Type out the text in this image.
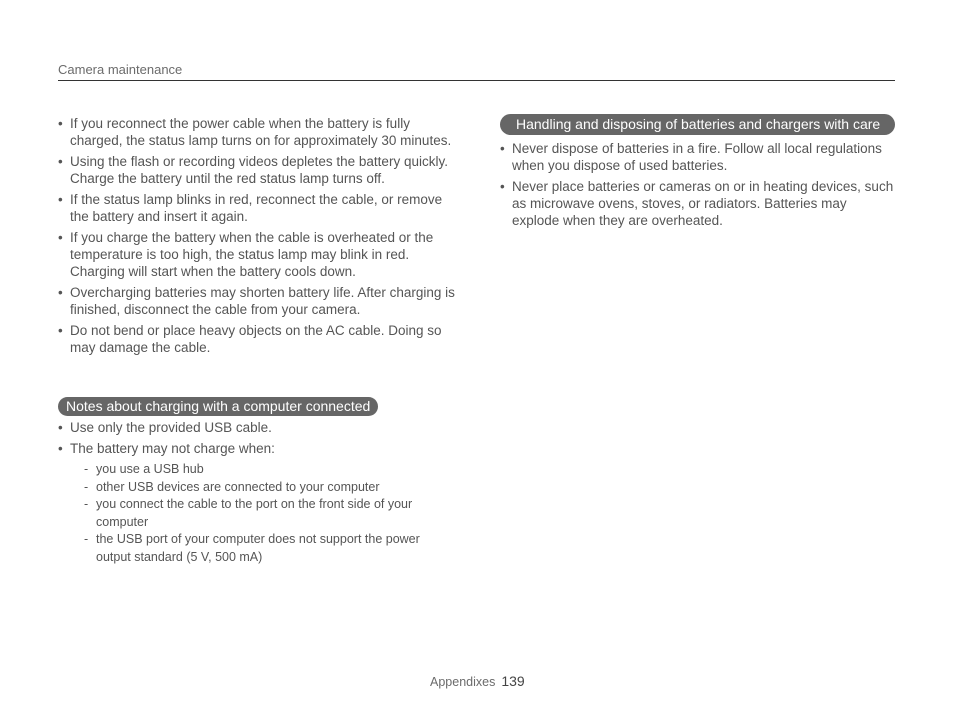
Camera maintenance
• If you reconnect the power cable when the battery is fully charged, the status lamp turns on for approximately 30 minutes.
• Using the flash or recording videos depletes the battery quickly. Charge the battery until the red status lamp turns off.
• If the status lamp blinks in red, reconnect the cable, or remove the battery and insert it again.
• If you charge the battery when the cable is overheated or the temperature is too high, the status lamp may blink in red. Charging will start when the battery cools down.
• Overcharging batteries may shorten battery life. After charging is finished, disconnect the cable from your camera.
• Do not bend or place heavy objects on the AC cable. Doing so may damage the cable.
Notes about charging with a computer connected
• Use only the provided USB cable.
• The battery may not charge when:
- you use a USB hub
- other USB devices are connected to your computer
- you connect the cable to the port on the front side of your computer
- the USB port of your computer does not support the power output standard (5 V, 500 mA)
Handling and disposing of batteries and chargers with care
• Never dispose of batteries in a fire. Follow all local regulations when you dispose of used batteries.
• Never place batteries or cameras on or in heating devices, such as microwave ovens, stoves, or radiators. Batteries may explode when they are overheated.
Appendixes 139
